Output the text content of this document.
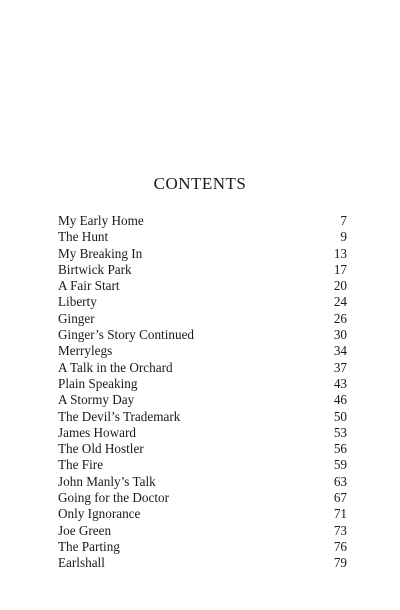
CONTENTS
My Early Home	7
The Hunt	9
My Breaking In	13
Birtwick Park	17
A Fair Start	20
Liberty	24
Ginger	26
Ginger’s Story Continued	30
Merrylegs	34
A Talk in the Orchard	37
Plain Speaking	43
A Stormy Day	46
The Devil’s Trademark	50
James Howard	53
The Old Hostler	56
The Fire	59
John Manly’s Talk	63
Going for the Doctor	67
Only Ignorance	71
Joe Green	73
The Parting	76
Earlshall	79
